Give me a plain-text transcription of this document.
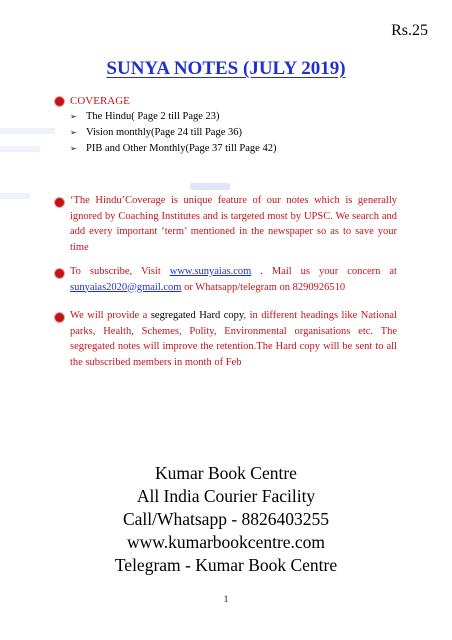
Rs.25
SUNYA NOTES (JULY 2019)
COVERAGE
➢ The Hindu( Page 2 till Page 23)
➢ Vision monthly(Page 24 till Page 36)
➢ PIB and Other Monthly(Page 37 till Page 42)
‘The Hindu’Coverage is unique feature of our notes which is generally ignored by Coaching Institutes and is targeted most by UPSC. We search and add every important ‘term’ mentioned in the newspaper so as to save your time
To subscribe, Visit www.sunyaias.com . Mail us your concern at sunyaias2020@gmail.com or Whatsapp/telegram on 8290926510
We will provide a segregated Hard copy, in different headings like National parks, Health, Schemes, Polity, Environmental organisations etc. The segregated notes will improve the retention.The Hard copy will be sent to all the subscribed members in month of Feb
Kumar Book Centre
All India Courier Facility
Call/Whatsapp - 8826403255
www.kumarbookcentre.com
Telegram - Kumar Book Centre
1
